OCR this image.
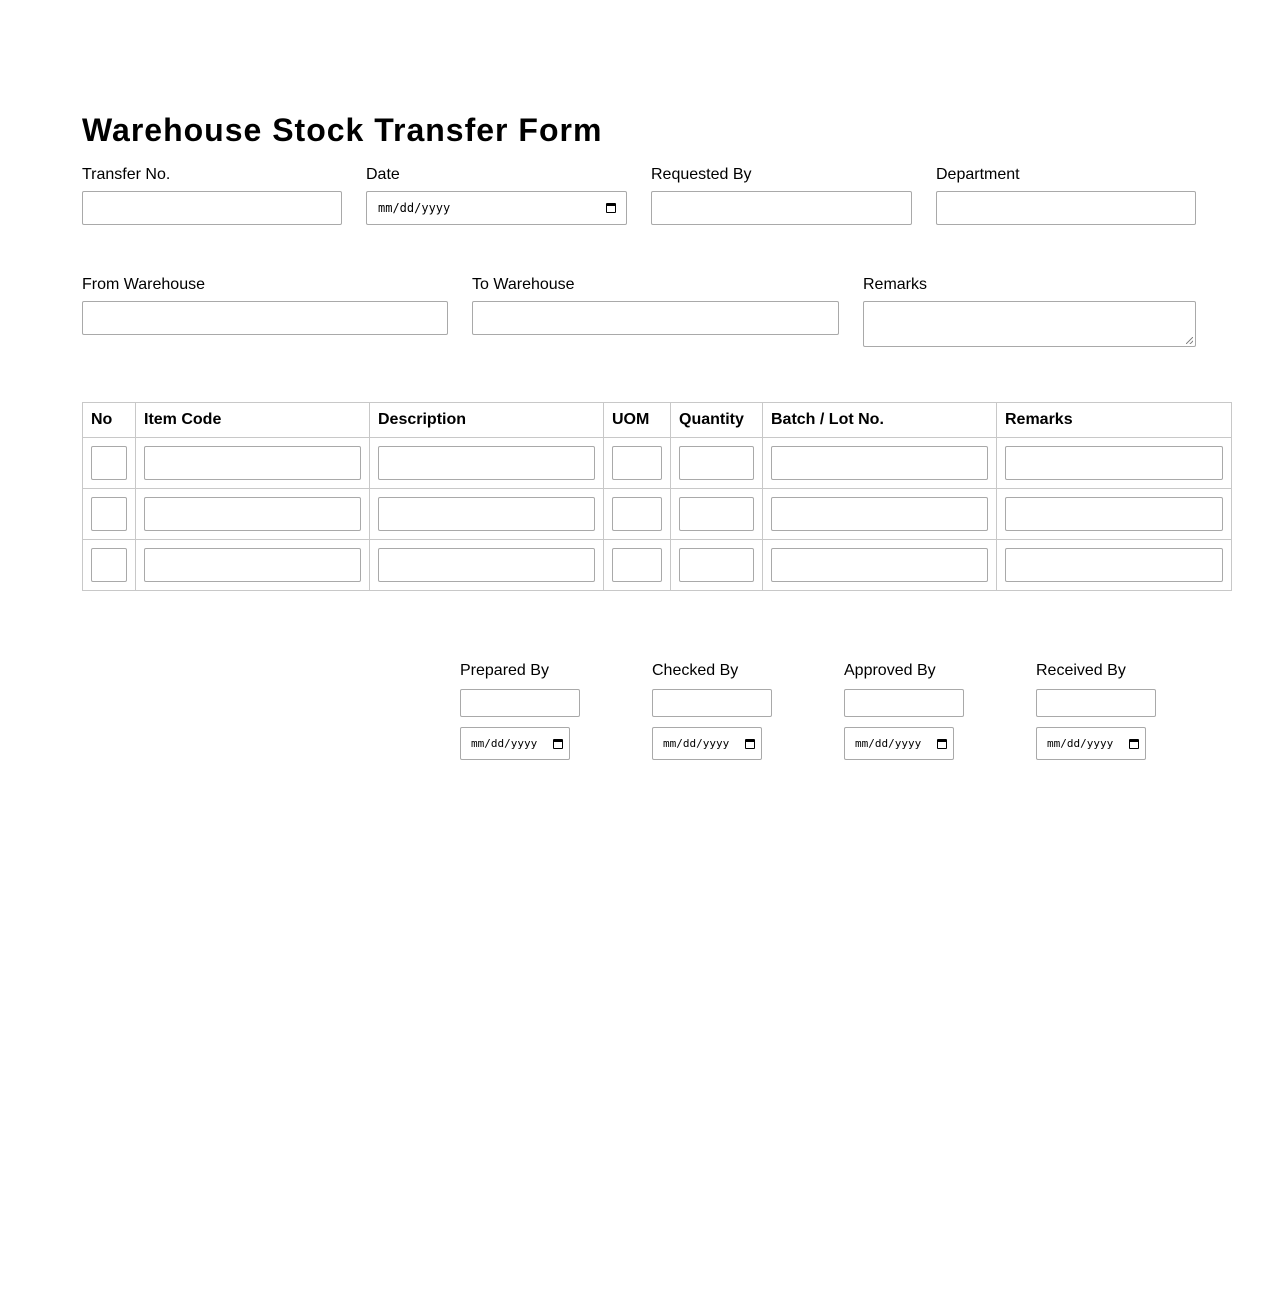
Warehouse Stock Transfer Form
Transfer No.	Date
mm/dd/yyyy
Requested By	Department
From Warehouse	To Warehouse	Remarks
No	Item Code	Description	UOM	Quantity	Batch / Lot No.	Remarks

Prepared By
mm/dd/yyyy
Checked By
mm/dd/yyyy
Approved By
mm/dd/yyyy
Received By
mm/dd/yyyy
